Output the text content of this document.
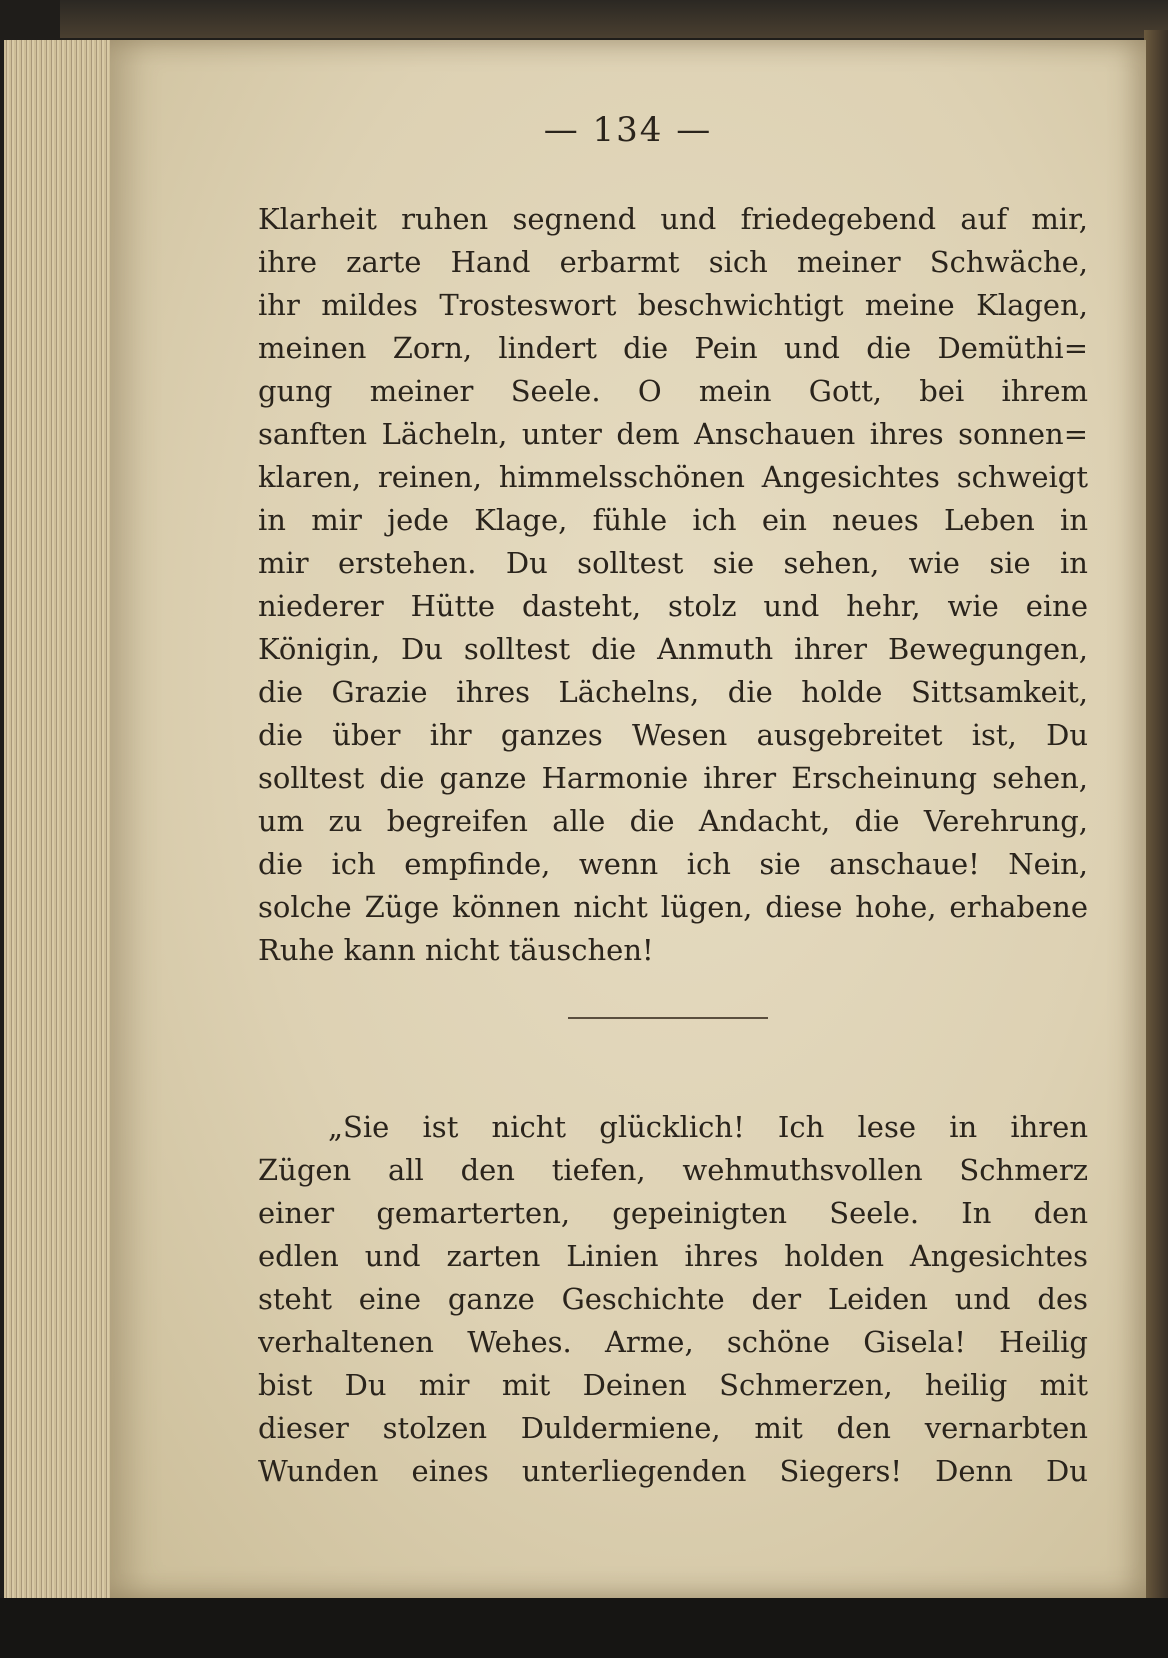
— 134 —
Klarheit ruhen segnend und friedegebend auf mir,
ihre zarte Hand erbarmt sich meiner Schwäche,
ihr mildes Trosteswort beschwichtigt meine Klagen,
meinen Zorn, lindert die Pein und die Demüthi=
gung meiner Seele. O mein Gott, bei ihrem
sanften Lächeln, unter dem Anschauen ihres sonnen=
klaren, reinen, himmelsschönen Angesichtes schweigt
in mir jede Klage, fühle ich ein neues Leben in
mir erstehen. Du solltest sie sehen, wie sie in
niederer Hütte dasteht, stolz und hehr, wie eine
Königin, Du solltest die Anmuth ihrer Bewegungen,
die Grazie ihres Lächelns, die holde Sittsamkeit,
die über ihr ganzes Wesen ausgebreitet ist, Du
solltest die ganze Harmonie ihrer Erscheinung sehen,
um zu begreifen alle die Andacht, die Verehrung,
die ich empfinde, wenn ich sie anschaue! Nein,
solche Züge können nicht lügen, diese hohe, erhabene
Ruhe kann nicht täuschen!
„Sie ist nicht glücklich! Ich lese in ihren
Zügen all den tiefen, wehmuthsvollen Schmerz
einer gemarterten, gepeinigten Seele. In den
edlen und zarten Linien ihres holden Angesichtes
steht eine ganze Geschichte der Leiden und des
verhaltenen Wehes. Arme, schöne Gisela! Heilig
bist Du mir mit Deinen Schmerzen, heilig mit
dieser stolzen Duldermiene, mit den vernarbten
Wunden eines unterliegenden Siegers! Denn Du
